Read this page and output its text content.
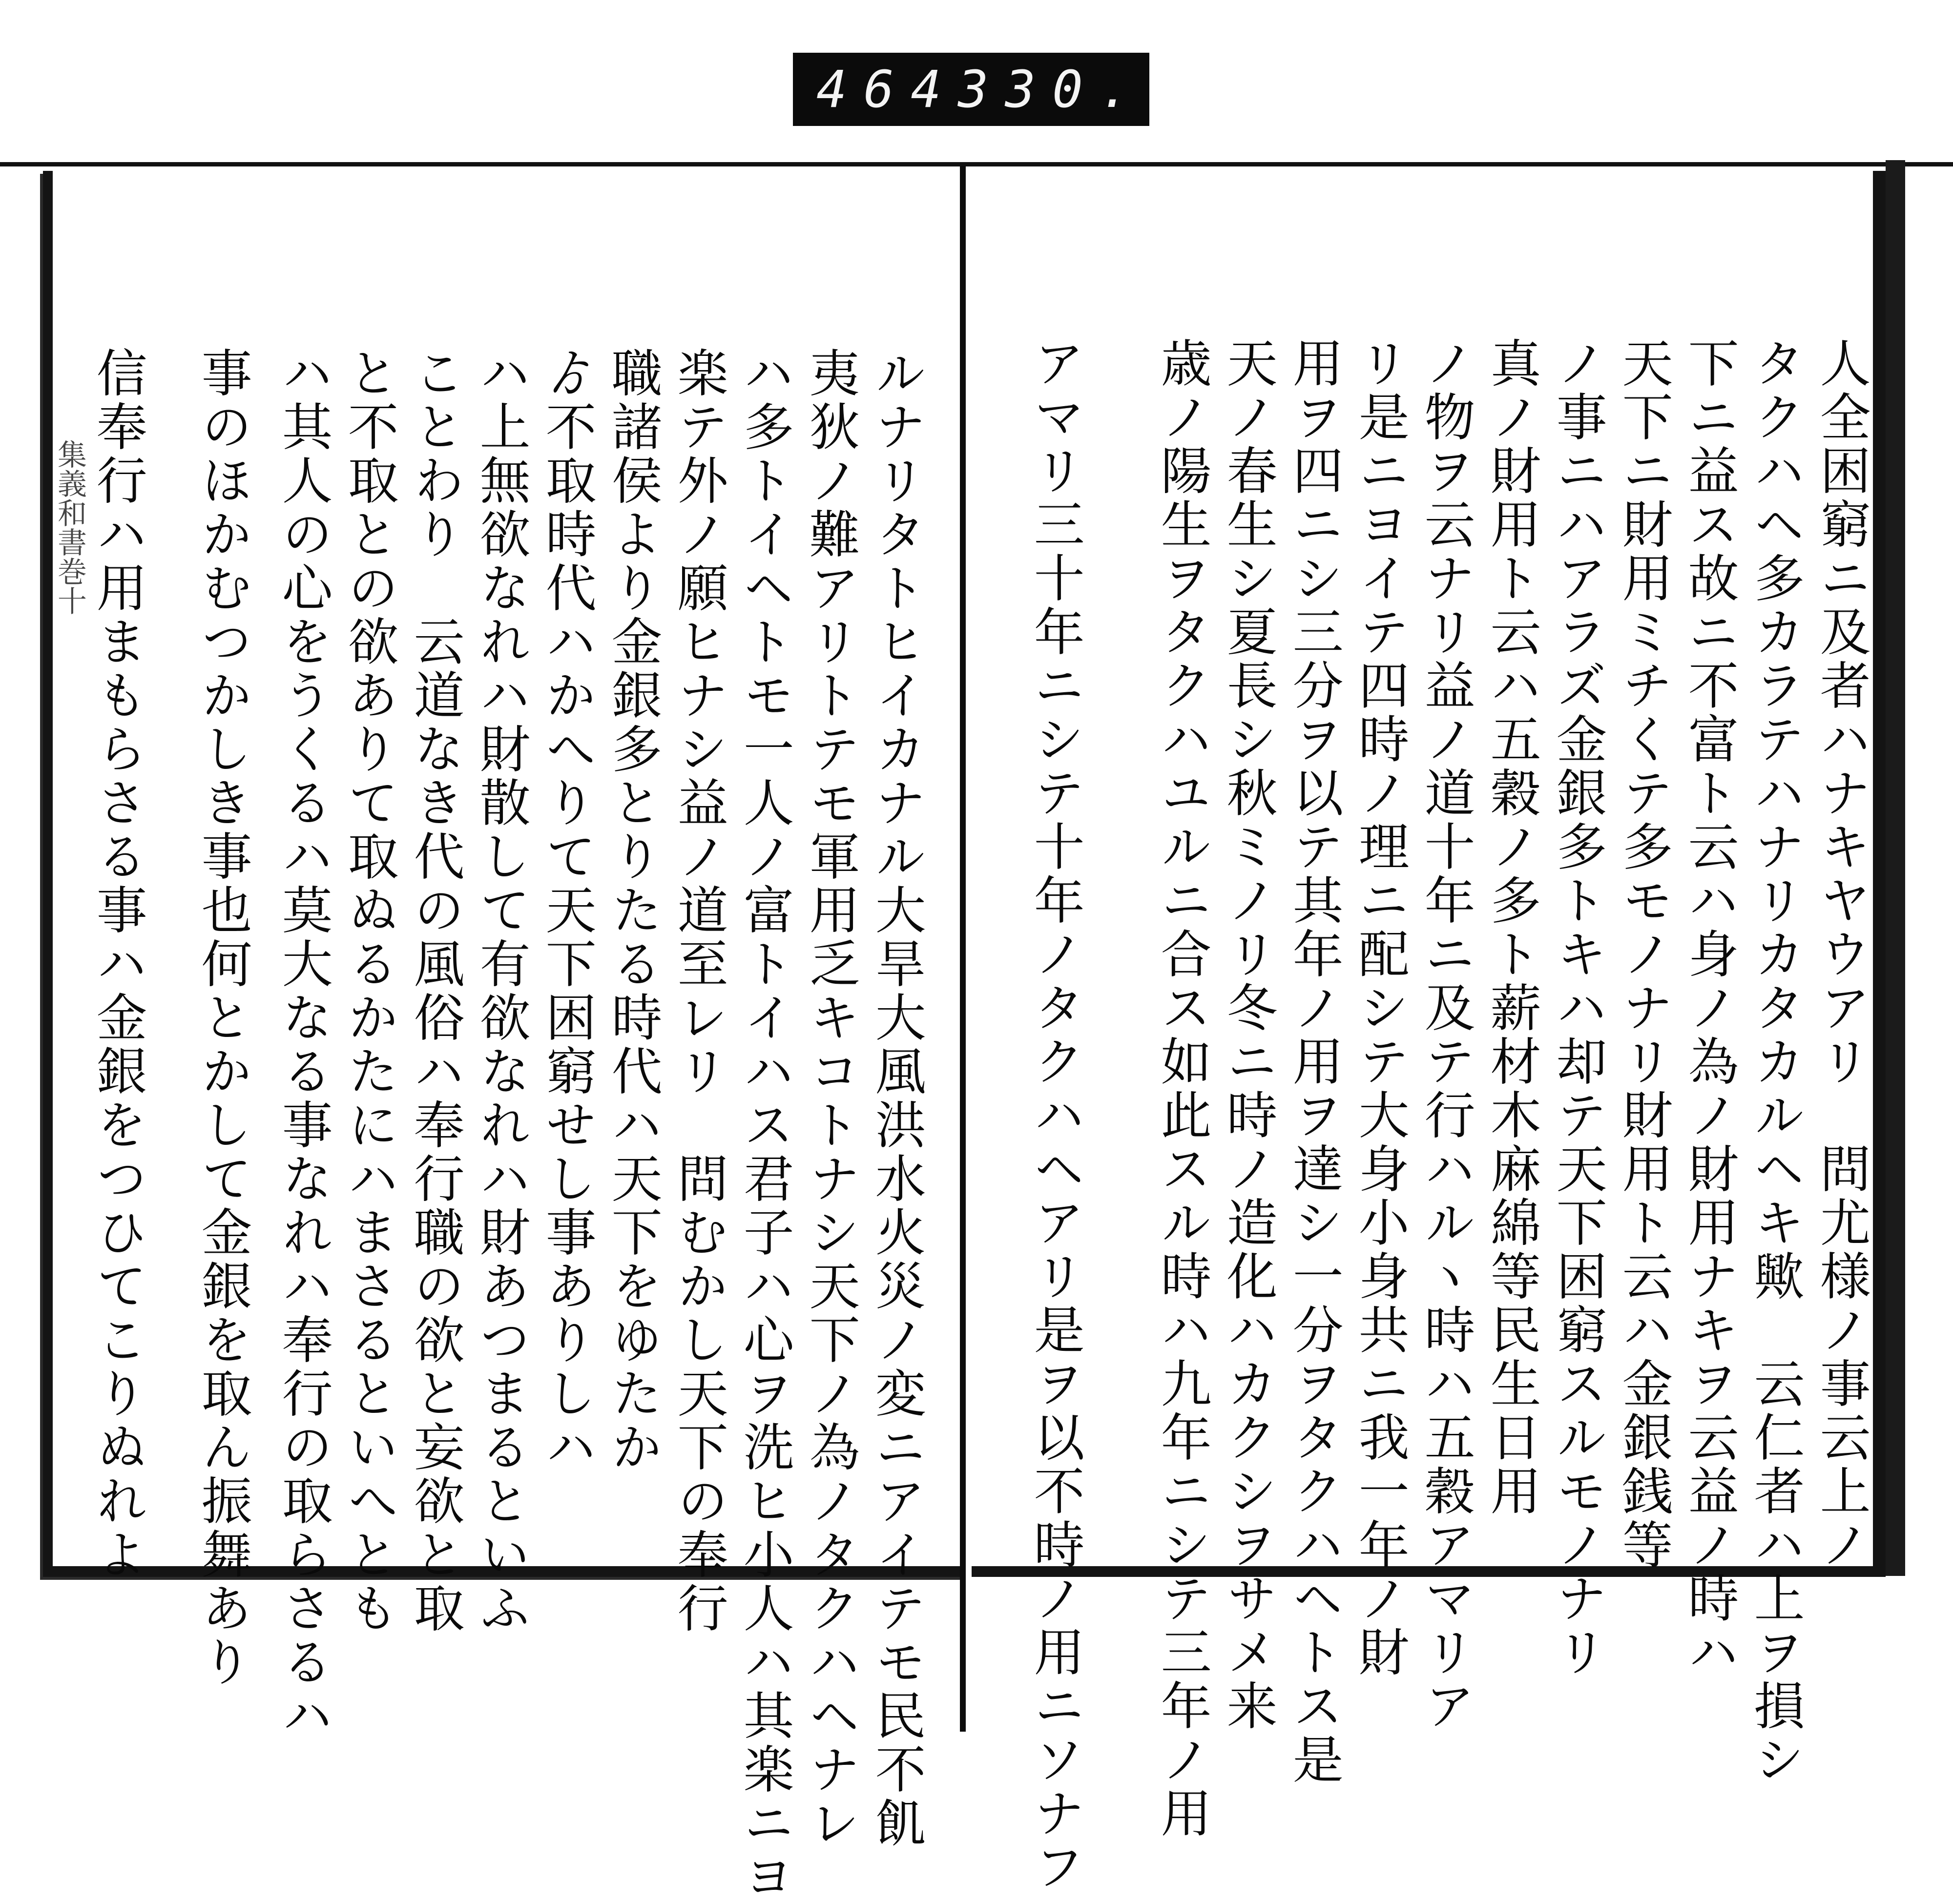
464 330.
人全困窮ニ及者ハナキヤウアリ　問尤様ノ事云上ノ
タクハヘ多カラテハナリカタカルヘキ歟　云仁者ハ上ヲ損シ
下ニ益ス故ニ不富ト云ハ身ノ為ノ財用ナキヲ云益ノ時ハ
天下ニ財用ミチくテ多モノナリ財用ト云ハ金銀銭等
ノ事ニハアラズ金銀多トキハ却テ天下困窮スルモノナリ
真ノ財用ト云ハ五穀ノ多ト薪材木麻綿等民生日用
ノ物ヲ云ナリ益ノ道十年ニ及テ行ハルヽ時ハ五穀アマリア
リ是ニヨイテ四時ノ理ニ配シテ大身小身共ニ我一年ノ財
用ヲ四ニシ三分ヲ以テ其年ノ用ヲ達シ一分ヲタクハヘトス是
天ノ春生シ夏長シ秋ミノリ冬ニ時ノ造化ハカクシヲサメ来
歳ノ陽生ヲタクハユルニ合ス如此スル時ハ九年ニシテ三年ノ用
アマリ三十年ニシテ十年ノタクハヘアリ是ヲ以不時ノ用ニソナフ
ルナリタトヒイカナル大旱大風洪水火災ノ変ニアイテモ民不飢
夷狄ノ難アリトテモ軍用乏キコトナシ天下ノ為ノタクハヘナレ
ハ多トイヘトモ一人ノ富トイハス君子ハ心ヲ洗ヒ小人ハ其楽ニヨ
楽テ外ノ願ヒナシ益ノ道至レリ　問むかし天下の奉行
職諸侯より金銀多とりたる時代ハ天下をゆたか
ゟ不取時代ハかへりて天下困窮せし事ありしハ
ハ上無欲なれハ財散して有欲なれハ財あつまるといふ
ことわり　云道なき代の風俗ハ奉行職の欲と妄欲と取
と不取との欲ありて取ぬるかたにハまさるといへとも
ハ其人の心をうくるハ莫大なる事なれハ奉行の取らさるハ
事のほかむつかしき事也何とかして金銀を取ん振舞あり
信奉行ハ用まもらさる事ハ金銀をつひてこりぬれよ
集義和書巻十
